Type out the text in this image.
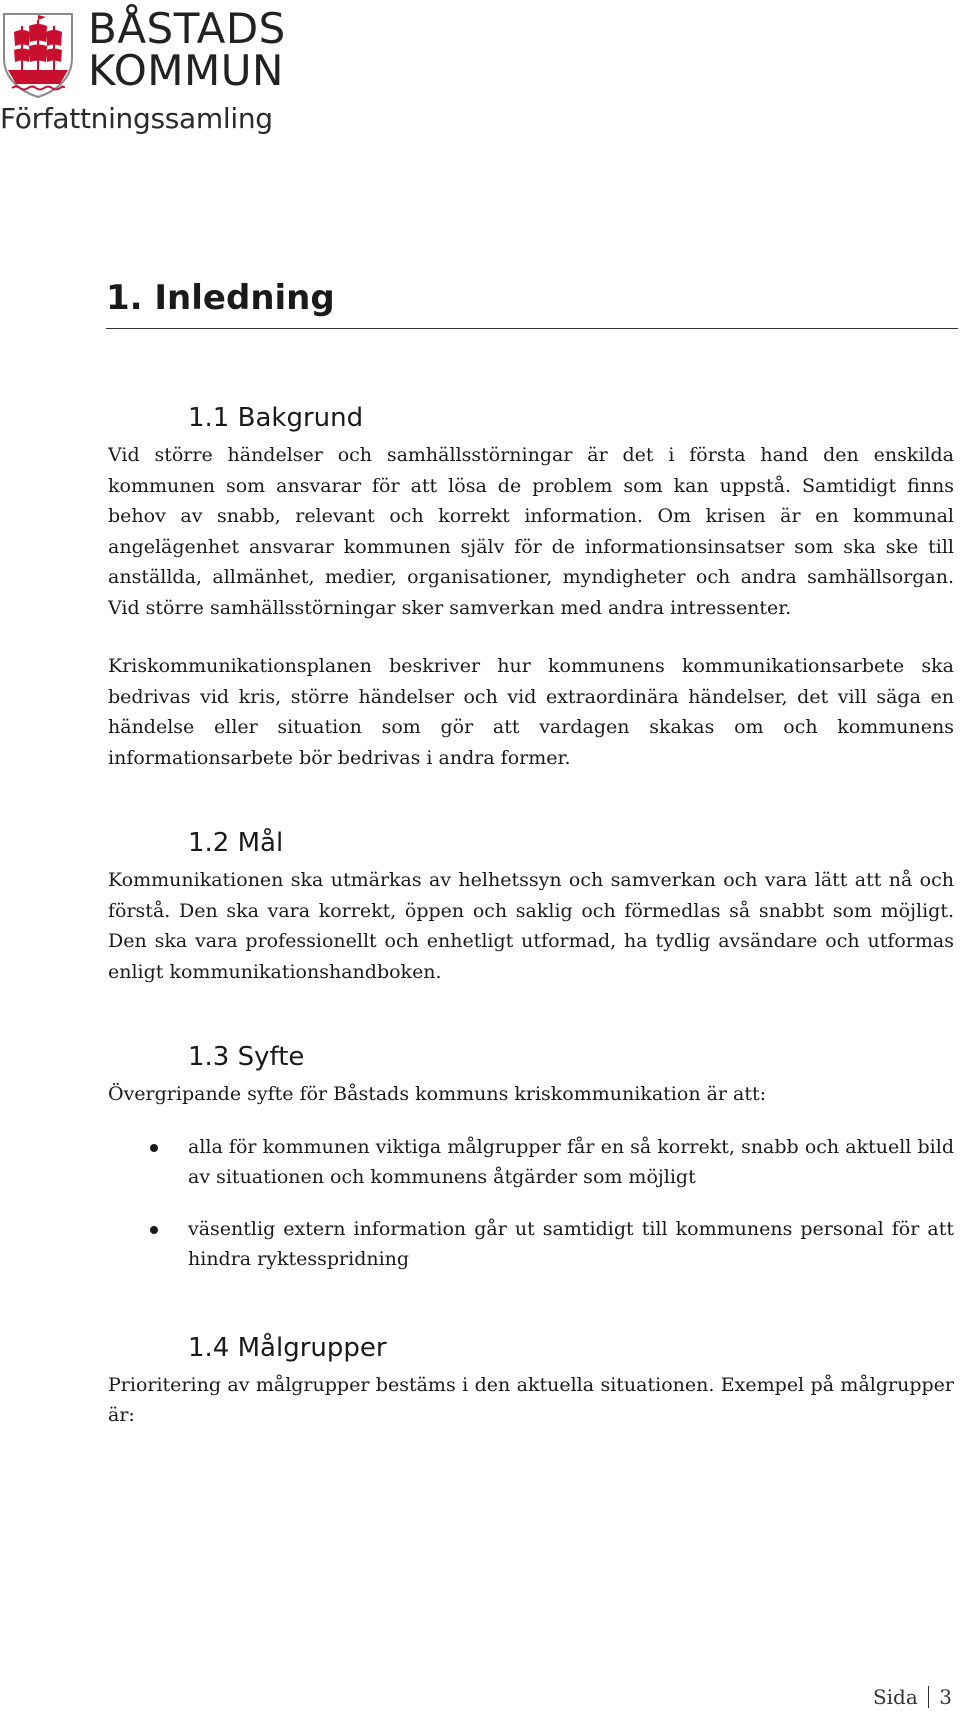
BÅSTADS
KOMMUN
Författningssamling
1. Inledning
1.1 Bakgrund

Vid större händelser och samhällsstörningar är det i första hand den enskilda kommunen som ansvarar för att lösa de problem som kan uppstå. Samtidigt finns behov av snabb, relevant och korrekt information. Om krisen är en kommunal angelägenhet ansvarar kommunen själv för de informationsinsatser som ska ske till anställda, allmänhet, medier, organisationer, myndigheter och andra samhällsorgan. Vid större samhällsstörningar sker samverkan med andra intressenter.

Kriskommunikationsplanen beskriver hur kommunens kommunikationsarbete ska bedrivas vid kris, större händelser och vid extraordinära händelser, det vill säga en händelse eller situation som gör att vardagen skakas om och kommunens informationsarbete bör bedrivas i andra former.

1.2 Mål

Kommunikationen ska utmärkas av helhetssyn och samverkan och vara lätt att nå och förstå. Den ska vara korrekt, öppen och saklig och förmedlas så snabbt som möjligt. Den ska vara professionellt och enhetligt utformad, ha tydlig avsändare och utformas enligt kommunikationshandboken.

1.3 Syfte

Övergripande syfte för Båstads kommuns kriskommunikation är att:

alla för kommunen viktiga målgrupper får en så korrekt, snabb och aktuell bild av situationen och kommunens åtgärder som möjligt
väsentlig extern information går ut samtidigt till kommunens personal för att hindra ryktesspridning
1.4 Målgrupper

Prioritering av målgrupper bestäms i den aktuella situationen. Exempel på målgrupper är:

Sida 3
